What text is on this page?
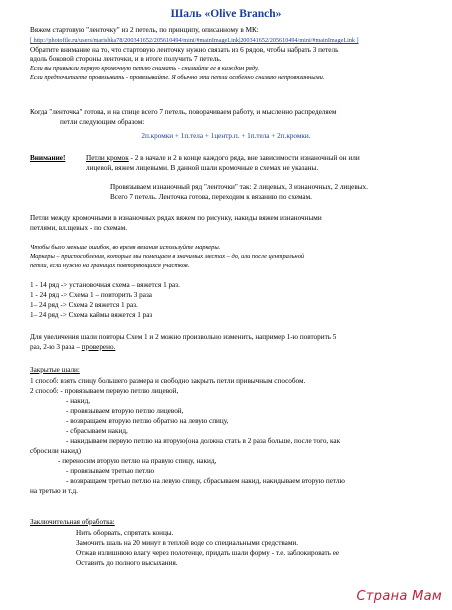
Шаль «Olive Branch»
Вяжем стартовую "ленточку" из 2 петель, по принципу, описанному в МК:
[ http://photofile.ru/users/marishka78/200341652/205610494/mini/#mainImageLink|200341652/205610494/mini/#mainImageLink ]
Обратите внимание на то, что стартовую ленточку нужно связать из 6 рядов, чтобы набрать 3 петель
вдоль боковой стороны ленточки, и в итоге получить 7 петель.
Если вы привыкли первую кромочную петлю снимать - снимайте ее в каждом ряду.
Если предпочитаете провязывать - провязывайте. Я обычно эти петли особенно снимаю непровязанными.
Когда "ленточка" готова, и на спице всего 7 петель, поворачиваем работу, и мысленно распределяем
петли следующим образом:
2п.кромки + 1п.тела + 1центр.п. + 1п.тела + 2п.кромки.
Внимание!	Петли кромок - 2 в начале и 2 в конце каждого ряда, вне зависимости изнаночный он или
лицевой, вяжем лицевыми. В данной шали кромочные в схемах не указаны.
Провязываем изнаночный ряд "ленточки" так: 2 лицевых, 3 изнаночных, 2 лицевых.
Всего 7 петель. Ленточка готова, переходим к вязанию по схемам.
Петли между кромочными в изнаночных рядах вяжем по рисунку, накиды вяжем изнаночными
петлями, вл.щевых - по схемам.
Чтобы было меньше ошибок, во время вязания используйте маркеры.
Маркеры – приспособления, которые мы помещаем в значимых местах – до, или после центральной
петли, если нужно на границах повторяющихся участков.
1 - 14 ряд -> установочная схема – вяжется 1 раз.
1 - 24 ряд -> Схема 1 – повторить 3 раза
1– 24 ряд -> Схема 2 вяжется 1 раз.
1– 24 ряд -> Схема каймы вяжется 1 раз
Для увеличения шали повторы Схем 1 и 2 можно произвольно изменить, например 1-ю повторить 5
раз, 2-ю 3 раза – проверено.
Закрытые шали:
1 способ: взять спицу большего размера и свободно закрыть петли привычным способом.
2 способ: - провязываем первую петлю лицевой,
- накид,
- провязываем вторую петлю лицевой,
- возвращаем вторую петлю обратно на левую спицу,
- сбрасываем накид,
- накидываем первую петлю на вторую(она должна стать в 2 раза больше, после того, как
сбросили накид)
- переносим вторую петлю на правую спицу, накид,
- провязываем третью петлю
- возвращаем третью петлю на левую спицу, сбрасываем накид, накидываем вторую петлю
на третью и т.д.
Заключительная обработка:
Нить оборвать, спрятать концы.
Замочить шаль на 20 минут в теплой воде со специальными средствами.
Отжав излишнюю влагу через полотенце, придать шали форму - т.е. заблокировать ее
Оставить до полного высыхания.
Страна Мам
